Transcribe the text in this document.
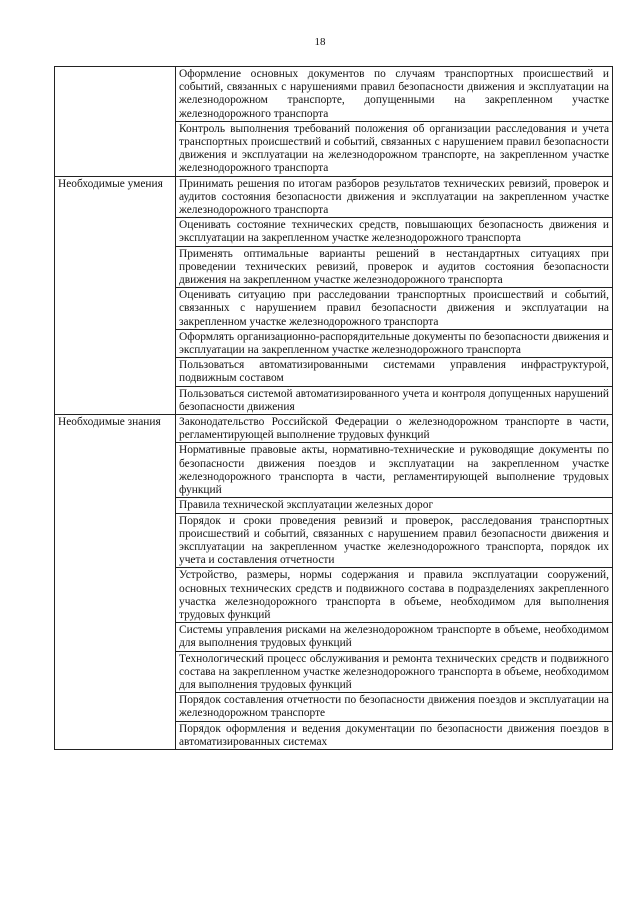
18
	Оформление основных документов по случаям транспортных происшествий и событий, связанных с нарушениями правил безопасности движения и эксплуатации на железнодорожном транспорте, допущенными на закрепленном участке железнодорожного транспорта
	Контроль выполнения требований положения об организации расследования и учета транспортных происшествий и событий, связанных с нарушением правил безопасности движения и эксплуатации на железнодорожном транспорте, на закрепленном участке железнодорожного транспорта
Необходимые умения	Принимать решения по итогам разборов результатов технических ревизий, проверок и аудитов состояния безопасности движения и эксплуатации на закрепленном участке железнодорожного транспорта
	Оценивать состояние технических средств, повышающих безопасность движения и эксплуатации на закрепленном участке железнодорожного транспорта
	Применять оптимальные варианты решений в нестандартных ситуациях при проведении технических ревизий, проверок и аудитов состояния безопасности движения на закрепленном участке железнодорожного транспорта
	Оценивать ситуацию при расследовании транспортных происшествий и событий, связанных с нарушением правил безопасности движения и эксплуатации на закрепленном участке железнодорожного транспорта
	Оформлять организационно-распорядительные документы по безопасности движения и эксплуатации на закрепленном участке железнодорожного транспорта
	Пользоваться автоматизированными системами управления инфраструктурой, подвижным составом
	Пользоваться системой автоматизированного учета и контроля допущенных нарушений безопасности движения
Необходимые знания	Законодательство Российской Федерации о железнодорожном транспорте в части, регламентирующей выполнение трудовых функций
	Нормативные правовые акты, нормативно-технические и руководящие документы по безопасности движения поездов и эксплуатации на закрепленном участке железнодорожного транспорта в части, регламентирующей выполнение трудовых функций
	Правила технической эксплуатации железных дорог
	Порядок и сроки проведения ревизий и проверок, расследования транспортных происшествий и событий, связанных с нарушением правил безопасности движения и эксплуатации на закрепленном участке железнодорожного транспорта, порядок их учета и составления отчетности
	Устройство, размеры, нормы содержания и правила эксплуатации сооружений, основных технических средств и подвижного состава в подразделениях закрепленного участка железнодорожного транспорта в объеме, необходимом для выполнения трудовых функций
	Системы управления рисками на железнодорожном транспорте в объеме, необходимом для выполнения трудовых функций
	Технологический процесс обслуживания и ремонта технических средств и подвижного состава на закрепленном участке железнодорожного транспорта в объеме, необходимом для выполнения трудовых функций
	Порядок составления отчетности по безопасности движения поездов и эксплуатации на железнодорожном транспорте
	Порядок оформления и ведения документации по безопасности движения поездов в автоматизированных системах
